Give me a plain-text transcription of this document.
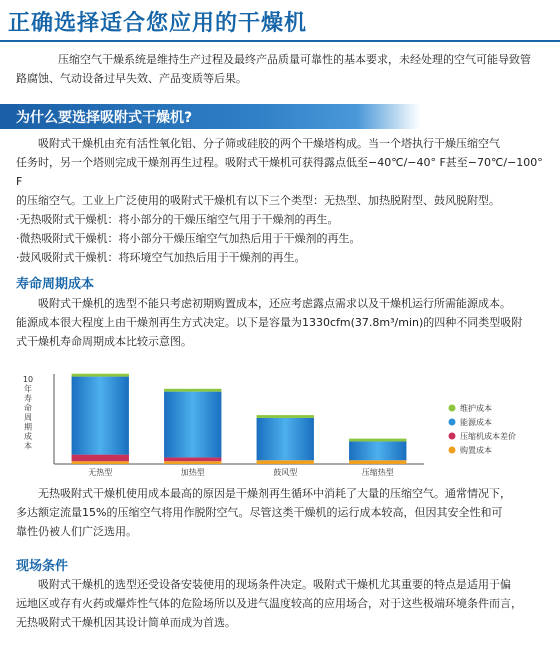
正确选择适合您应用的干燥机

压缩空气干燥系统是维持生产过程及最终产品质量可靠性的基本要求，未经处理的空气可能导致管

路腐蚀、气动设备过早失效、产品变质等后果。

为什么要选择吸附式干燥机?

吸附式干燥机由充有活性氧化铝、分子筛或硅胶的两个干燥塔构成。当一个塔执行干燥压缩空气

任务时，另一个塔则完成干燥剂再生过程。吸附式干燥机可获得露点低至−40℃/−40° F甚至−70℃/−100° F

的压缩空气。工业上广泛使用的吸附式干燥机有以下三个类型：无热型、加热脱附型、鼓风脱附型。

·无热吸附式干燥机：将小部分的干燥压缩空气用于干燥剂的再生。

·微热吸附式干燥机：将小部分干燥压缩空气加热后用于干燥剂的再生。

·鼓风吸附式干燥机：将环境空气加热后用于干燥剂的再生。

寿命周期成本

吸附式干燥机的选型不能只考虑初期购置成本，还应考虑露点需求以及干燥机运行所需能源成本。

能源成本很大程度上由干燥剂再生方式决定。以下是容量为1330cfm(37.8m³/min)的四种不同类型吸附

式干燥机寿命周期成本比较示意图。

10
年
寿
命
周
期
成
本
无热型	加热型	鼓风型	压缩热型
维护成本
能源成本
压缩机成本差价
购置成本

无热吸附式干燥机使用成本最高的原因是干燥剂再生循环中消耗了大量的压缩空气。通常情况下，

多达额定流量15%的压缩空气将用作脱附空气。尽管这类干燥机的运行成本较高，但因其安全性和可

靠性仍被人们广泛选用。

现场条件

吸附式干燥机的选型还受设备安装使用的现场条件决定。吸附式干燥机尤其重要的特点是适用于偏

远地区或存有火药或爆炸性气体的危险场所以及进气温度较高的应用场合，对于这些极端环境条件而言，

无热吸附式干燥机因其设计简单而成为首选。
